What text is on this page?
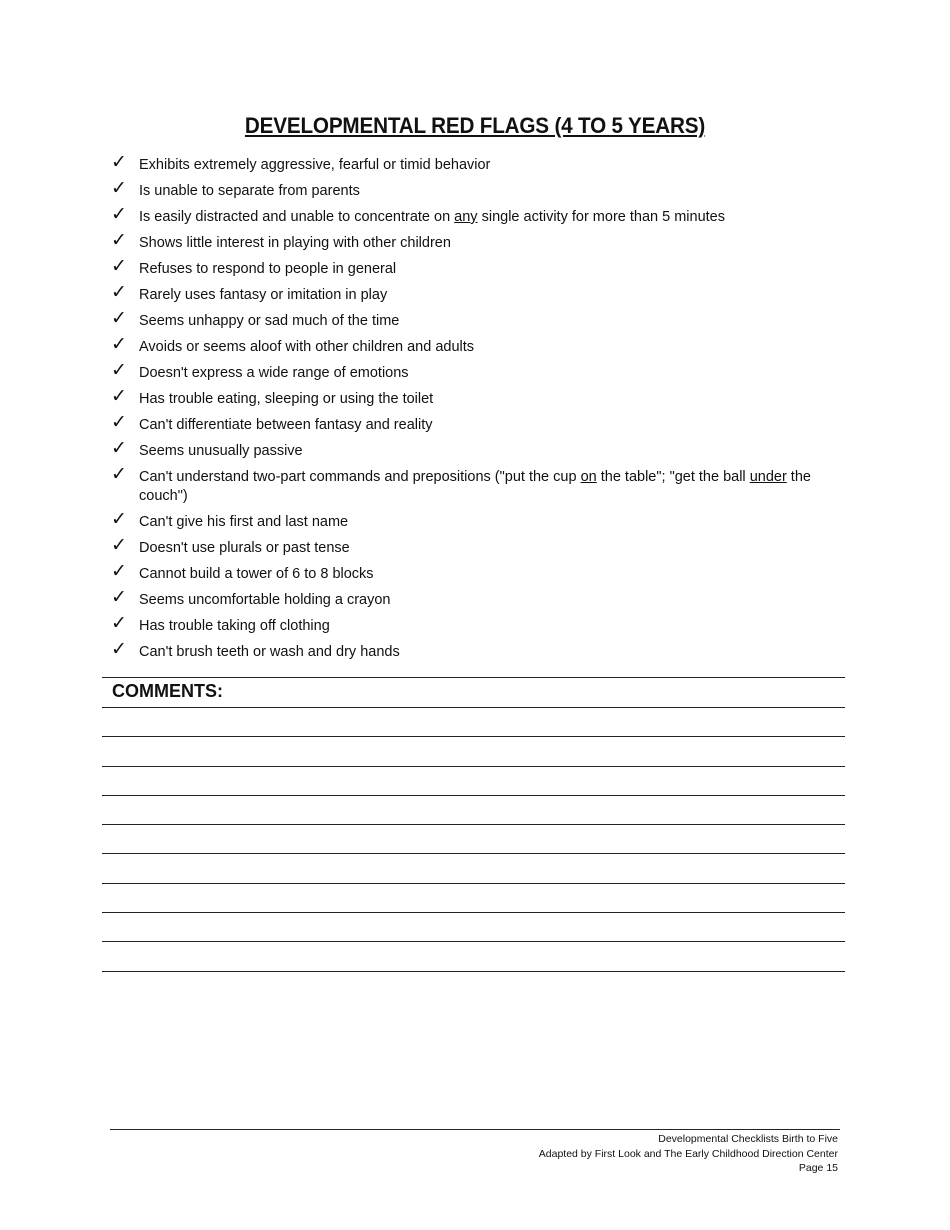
DEVELOPMENTAL RED FLAGS (4 TO 5 YEARS)
✓ Exhibits extremely aggressive, fearful or timid behavior
✓ Is unable to separate from parents
✓ Is easily distracted and unable to concentrate on any single activity for more than 5 minutes
✓ Shows little interest in playing with other children
✓ Refuses to respond to people in general
✓ Rarely uses fantasy or imitation in play
✓ Seems unhappy or sad much of the time
✓ Avoids or seems aloof with other children and adults
✓ Doesn't express a wide range of emotions
✓ Has trouble eating, sleeping or using the toilet
✓ Can't differentiate between fantasy and reality
✓ Seems unusually passive
✓ Can't understand two-part commands and prepositions ("put the cup on the table"; "get the ball under the couch")
✓ Can't give his first and last name
✓ Doesn't use plurals or past tense
✓ Cannot build a tower of 6 to 8 blocks
✓ Seems uncomfortable holding a crayon
✓ Has trouble taking off clothing
✓ Can't brush teeth or wash and dry hands
COMMENTS:
Developmental Checklists Birth to Five
Adapted by First Look and The Early Childhood Direction Center
Page 15
